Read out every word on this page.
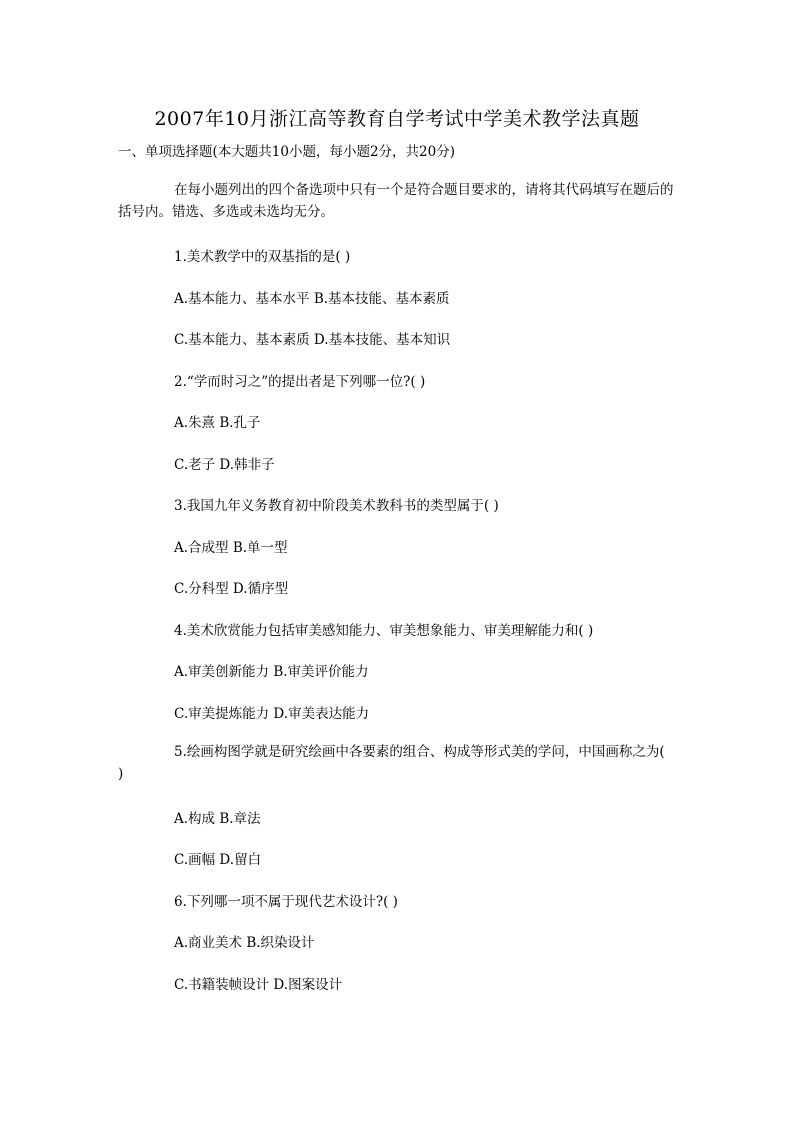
2007年10月浙江高等教育自学考试中学美术教学法真题
一、单项选择题(本大题共10小题，每小题2分，共20分)
在每小题列出的四个备选项中只有一个是符合题目要求的，请将其代码填写在题后的括号内。错选、多选或未选均无分。
1.美术教学中的双基指的是( )
A.基本能力、基本水平 B.基本技能、基本素质
C.基本能力、基本素质 D.基本技能、基本知识
2.“学而时习之”的提出者是下列哪一位?( )
A.朱熹 B.孔子
C.老子 D.韩非子
3.我国九年义务教育初中阶段美术教科书的类型属于( )
A.合成型 B.单一型
C.分科型 D.循序型
4.美术欣赏能力包括审美感知能力、审美想象能力、审美理解能力和( )
A.审美创新能力 B.审美评价能力
C.审美提炼能力 D.审美表达能力
5.绘画构图学就是研究绘画中各要素的组合、构成等形式美的学问，中国画称之为( )
A.构成 B.章法
C.画幅 D.留白
6.下列哪一项不属于现代艺术设计?( )
A.商业美术 B.织染设计
C.书籍装帧设计 D.图案设计
